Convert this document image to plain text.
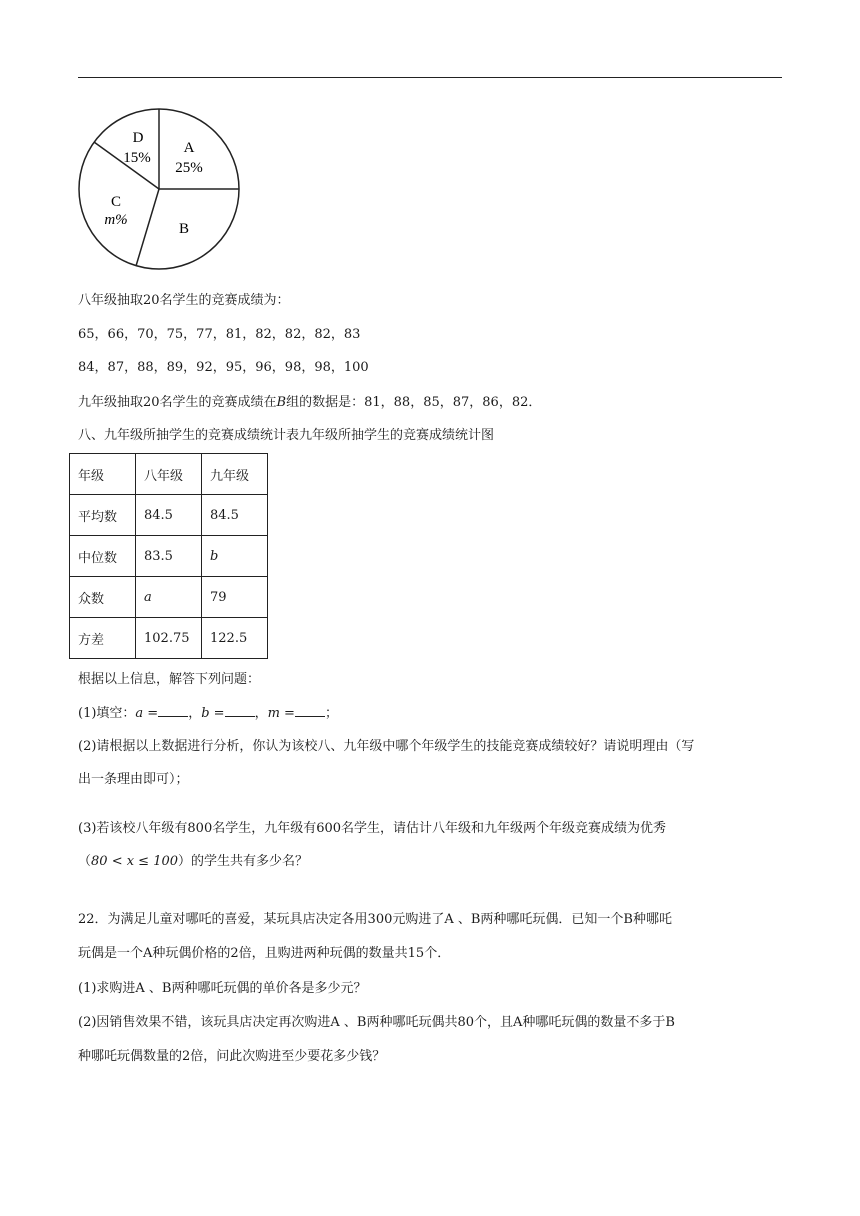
A
25%
B
C
m%
D
15%
八年级抽取20名学生的竞赛成绩为：
65，66，70，75，77，81，82，82，82，83
84，87，88，89，92，95，96，98，98，100
九年级抽取20名学生的竞赛成绩在B组的数据是：81，88，85，87，86，82．
八、九年级所抽学生的竞赛成绩统计表九年级所抽学生的竞赛成绩统计图
年级	八年级	九年级
平均数	84.5	84.5
中位数	83.5	b
众数	a	79
方差	102.75	122.5
根据以上信息，解答下列问题：
(1)填空：a = ，b = ，m = ；
(2)请根据以上数据进行分析，你认为该校八、九年级中哪个年级学生的技能竞赛成绩较好？请说明理由（写
出一条理由即可）；
(3)若该校八年级有800名学生，九年级有600名学生，请估计八年级和九年级两个年级竞赛成绩为优秀
（80 < x ≤ 100）的学生共有多少名？
22．为满足儿童对哪吒的喜爱，某玩具店决定各用300元购进了A 、B两种哪吒玩偶．已知一个B种哪吒
玩偶是一个A种玩偶价格的2倍，且购进两种玩偶的数量共15个．
(1)求购进A 、B两种哪吒玩偶的单价各是多少元？
(2)因销售效果不错，该玩具店决定再次购进A 、B两种哪吒玩偶共80个，且A种哪吒玩偶的数量不多于B
种哪吒玩偶数量的2倍，问此次购进至少要花多少钱？
